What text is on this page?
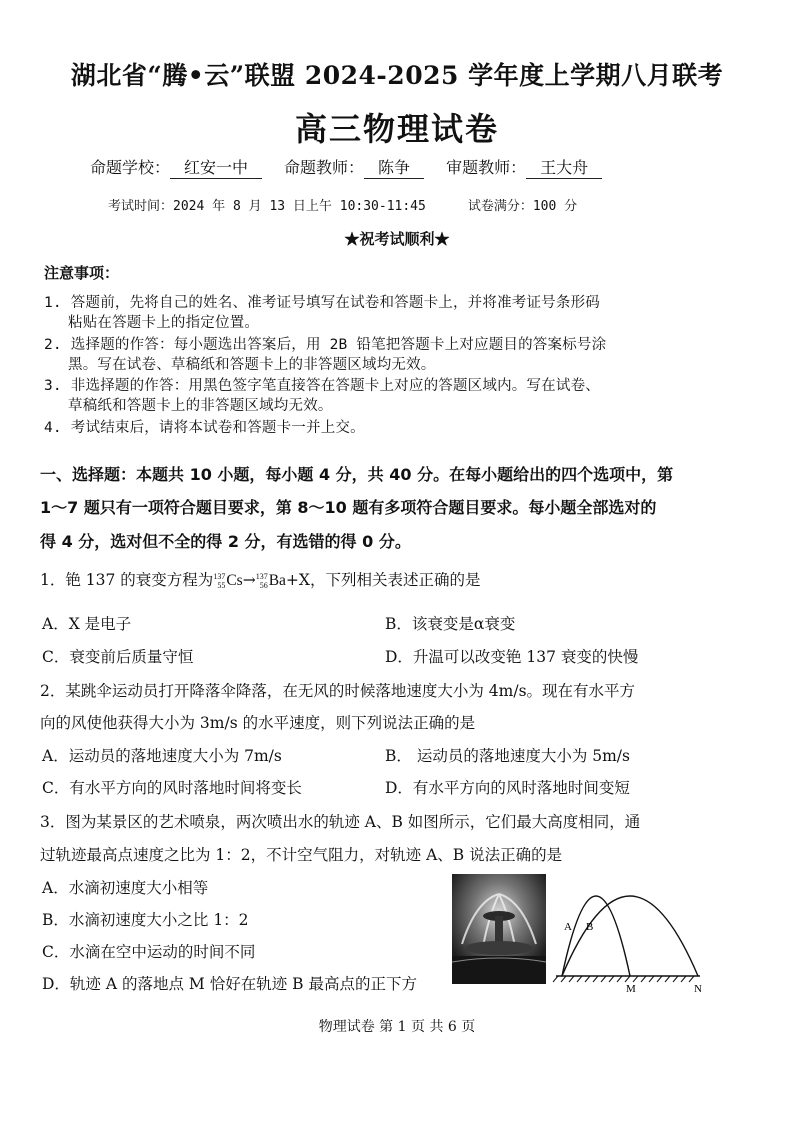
湖北省“腾•云”联盟 2024-2025 学年度上学期八月联考
高三物理试卷
命题学校： 红安一中 命题教师： 陈争 审题教师： 王大舟
考试时间：2024 年 8 月 13 日上午 10:30-11:45	试卷满分：100 分
★祝考试顺利★
注意事项：
1. 答题前，先将自己的姓名、准考证号填写在试卷和答题卡上，并将准考证号条形码
粘贴在答题卡上的指定位置。
2. 选择题的作答：每小题选出答案后，用 2B 铅笔把答题卡上对应题目的答案标号涂
黑。写在试卷、草稿纸和答题卡上的非答题区域均无效。
3. 非选择题的作答：用黑色签字笔直接答在答题卡上对应的答题区域内。写在试卷、
草稿纸和答题卡上的非答题区域均无效。
4. 考试结束后，请将本试卷和答题卡一并上交。
一、选择题：本题共 10 小题，每小题 4 分，共 40 分。在每小题给出的四个选项中，第
1～7 题只有一项符合题目要求，第 8～10 题有多项符合题目要求。每小题全部选对的
得 4 分，选对但不全的得 2 分，有选错的得 0 分。
1．铯 137 的衰变方程为 137
55 Cs→ 137
56 Ba+X，下列相关表述正确的是
A．X 是电子	B．该衰变是α衰变
C．衰变前后质量守恒	D．升温可以改变铯 137 衰变的快慢
2．某跳伞运动员打开降落伞降落，在无风的时候落地速度大小为 4m/s。现在有水平方
向的风使他获得大小为 3m/s 的水平速度，则下列说法正确的是
A．运动员的落地速度大小为 7m/s	B． 运动员的落地速度大小为 5m/s
C．有水平方向的风时落地时间将变长	D．有水平方向的风时落地时间变短
3．图为某景区的艺术喷泉，两次喷出水的轨迹 A、B 如图所示，它们最大高度相同，通
过轨迹最高点速度之比为 1：2，不计空气阻力，对轨迹 A、B 说法正确的是
A．水滴初速度大小相等
B．水滴初速度大小之比 1：2
C．水滴在空中运动的时间不同
D．轨迹 A 的落地点 M 恰好在轨迹 B 最高点的正下方
A B
M	N
物理试卷 第 1 页 共 6 页
